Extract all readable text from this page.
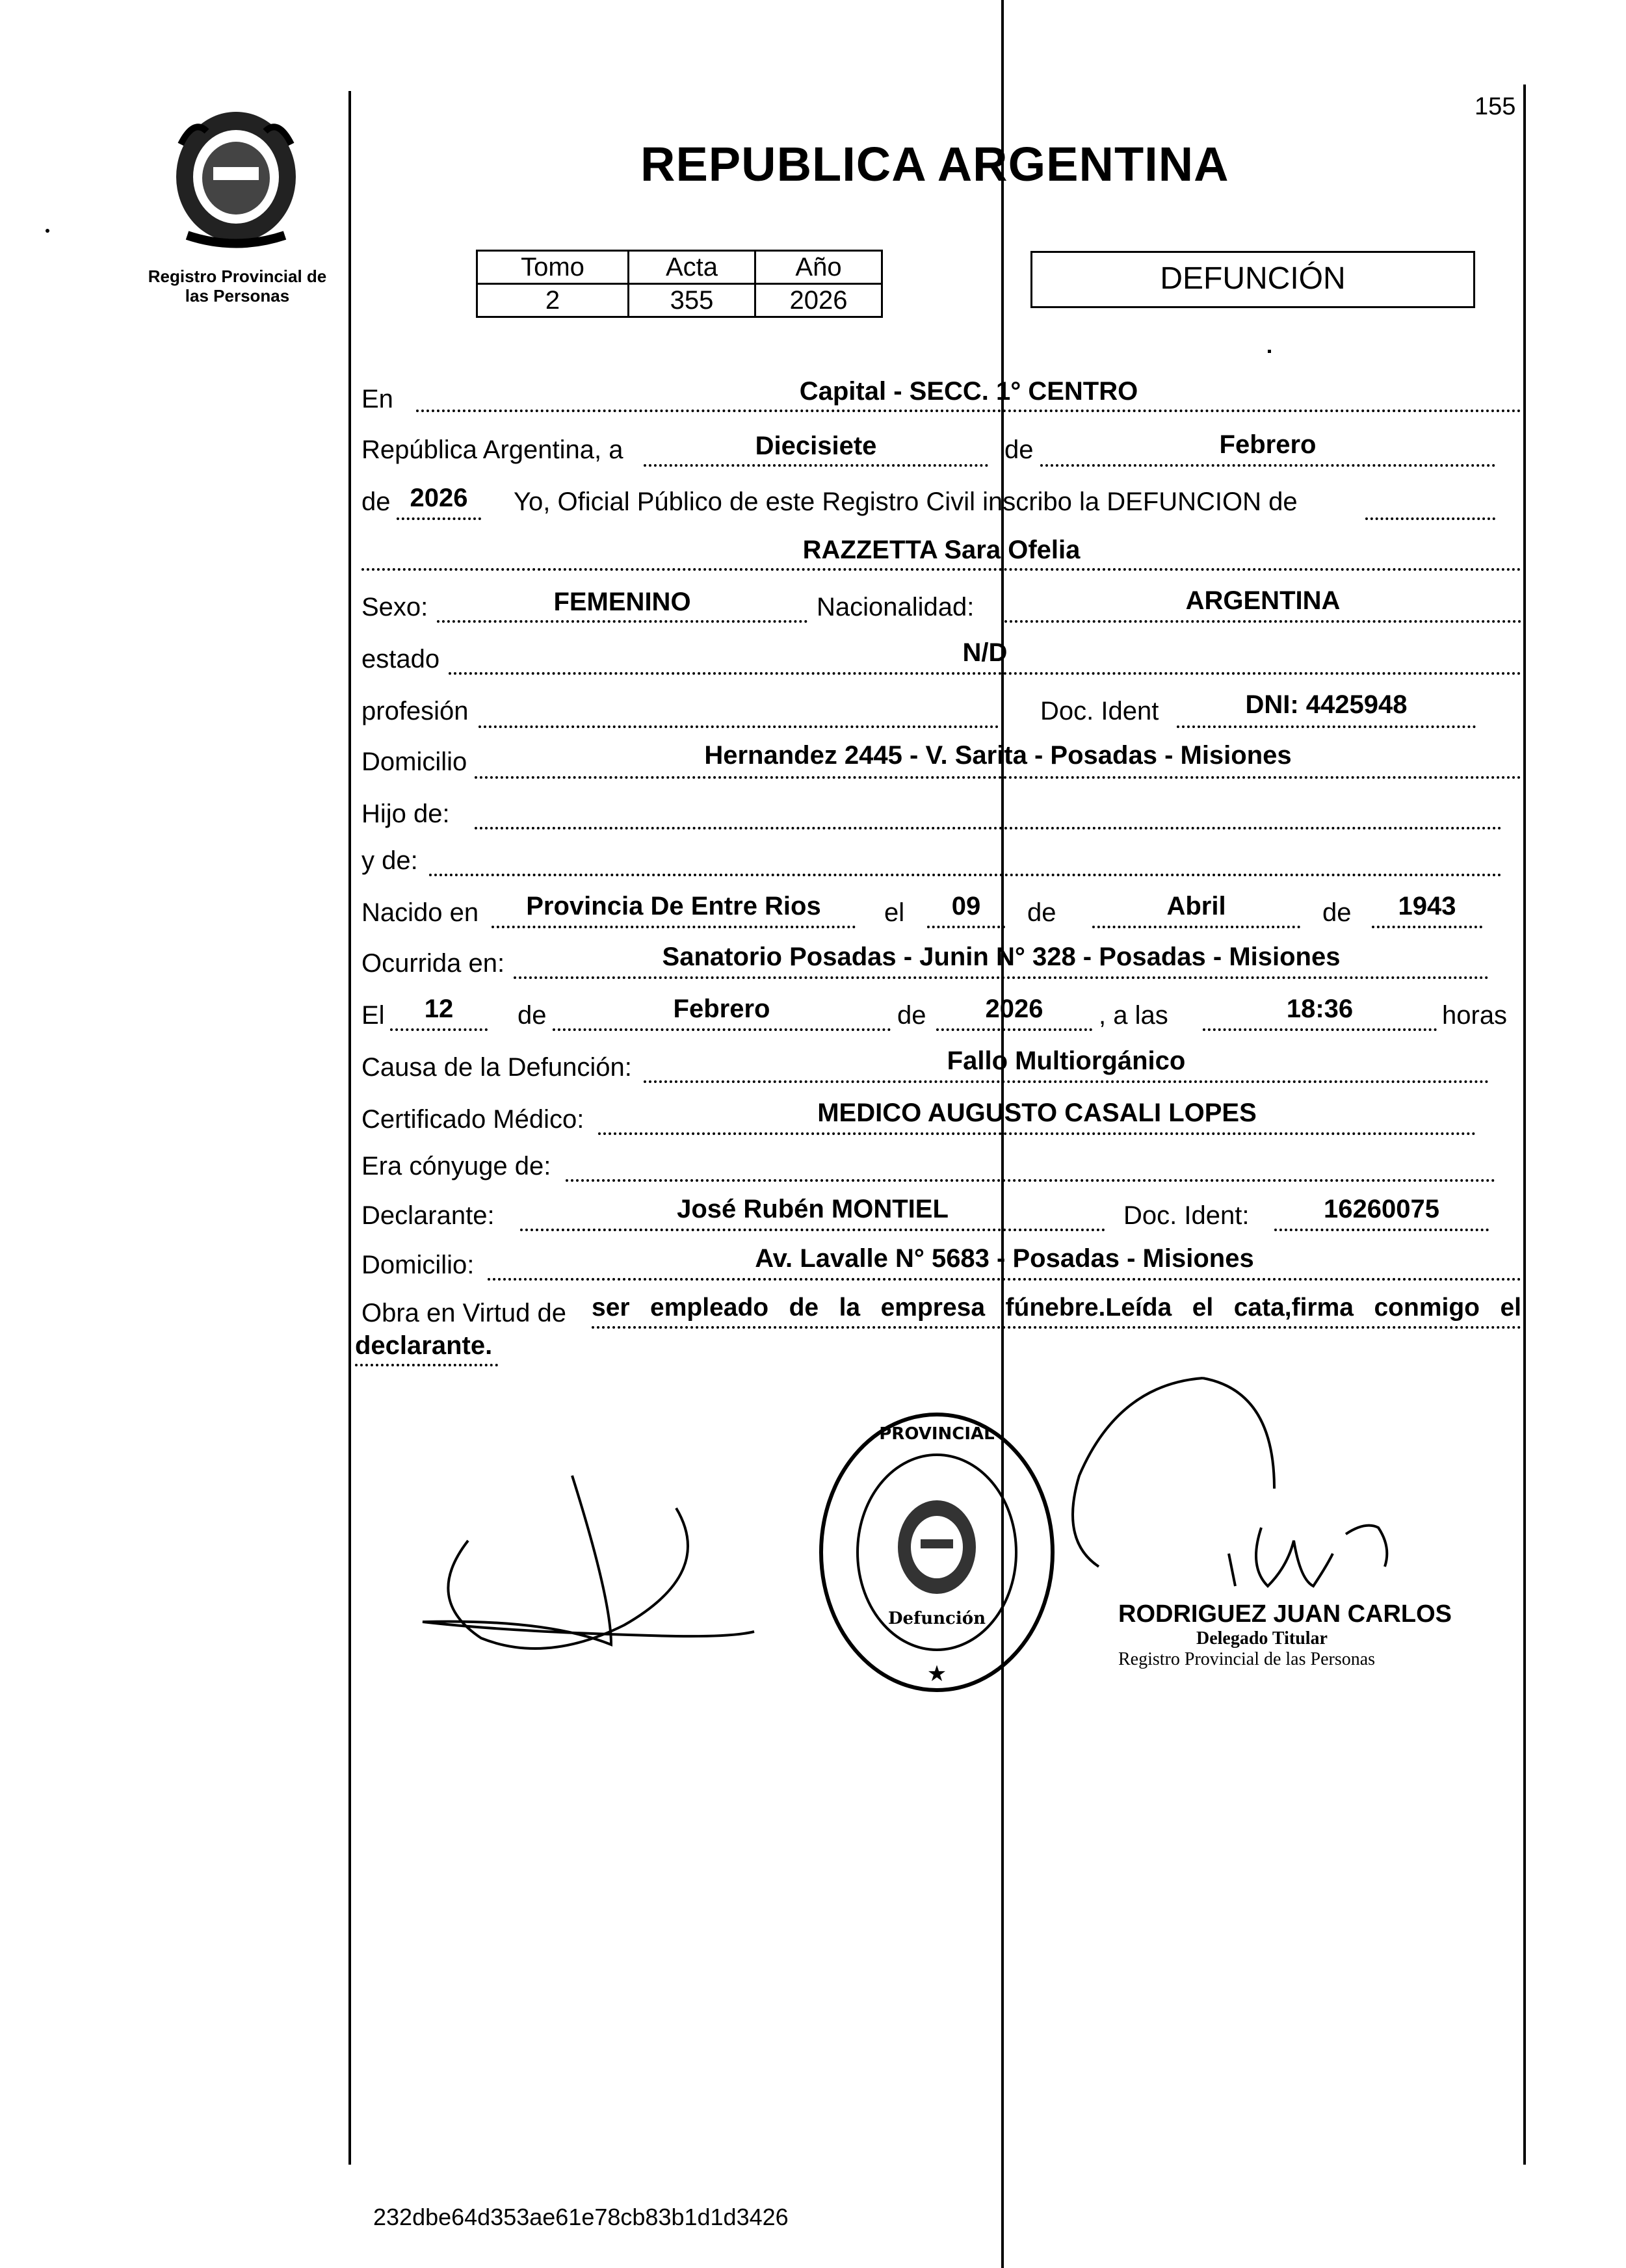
Registro Provincial de
las Personas
155
REPUBLICA ARGENTINA
Tomo	Acta	Año
2	355	2026
DEFUNCIÓN
En	Capital - SECC. 1° CENTRO
República Argentina, a	Diecisiete	de	Febrero
de 2026	Yo, Oficial Público de este Registro Civil inscribo la DEFUNCION de
RAZZETTA Sara Ofelia
Sexo:	FEMENINO	Nacionalidad:	ARGENTINA
estado	N/D
profesión	Doc. Ident	DNI: 4425948
Domicilio	Hernandez 2445 - V. Sarita - Posadas - Misiones
Hijo de:
y de:
Nacido en	Provincia De Entre Rios	el	09	de	Abril	de	1943
Ocurrida en:	Sanatorio Posadas - Junin N° 328 - Posadas - Misiones
El	12	de	Febrero	de	2026	, a las	18:36	horas
Causa de la Defunción:	Fallo Multiorgánico
Certificado Médico:	MEDICO AUGUSTO CASALI LOPES
Era cónyuge de:
Declarante:	José Rubén MONTIEL	Doc. Ident:	16260075
Domicilio:	Av. Lavalle N° 5683 - Posadas - Misiones
Obra en Virtud de ser empleado de la empresa fúnebre.Leída el cata,firma conmigo el
declarante.
PROVINCIAL
Defunción
★
RODRIGUEZ JUAN CARLOS
Delegado Titular
Registro Provincial de las Personas
232dbe64d353ae61e78cb83b1d1d3426
